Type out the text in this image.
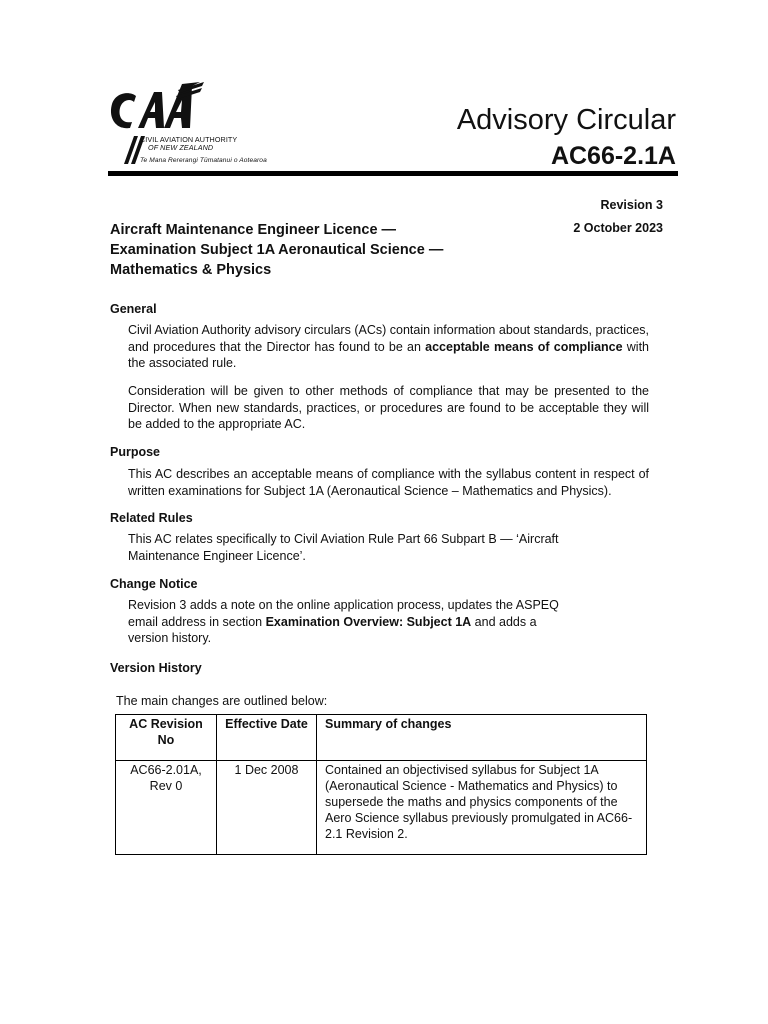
CIVIL AVIATION AUTHORITY
OF NEW ZEALAND
Te Mana Rererangi Tūmatanui o Aotearoa
Advisory Circular
AC66-2.1A
Revision 3
2 October 2023
Aircraft Maintenance Engineer Licence — Examination Subject 1A Aeronautical Science — Mathematics & Physics
General
Civil Aviation Authority advisory circulars (ACs) contain information about standards, practices, and procedures that the Director has found to be an acceptable means of compliance with the associated rule.
Consideration will be given to other methods of compliance that may be presented to the Director. When new standards, practices, or procedures are found to be acceptable they will be added to the appropriate AC.
Purpose
This AC describes an acceptable means of compliance with the syllabus content in respect of written examinations for Subject 1A (Aeronautical Science – Mathematics and Physics).
Related Rules
This AC relates specifically to Civil Aviation Rule Part 66 Subpart B — ‘Aircraft Maintenance Engineer Licence’.
Change Notice
Revision 3 adds a note on the online application process, updates the ASPEQ email address in section Examination Overview: Subject 1A and adds a version history.
Version History
The main changes are outlined below:
AC Revision No	Effective Date	Summary of changes
AC66-2.01A, Rev 0	1 Dec 2008	Contained an objectivised syllabus for Subject 1A (Aeronautical Science - Mathematics and Physics) to supersede the maths and physics components of the Aero Science syllabus previously promulgated in AC66-2.1 Revision 2.
